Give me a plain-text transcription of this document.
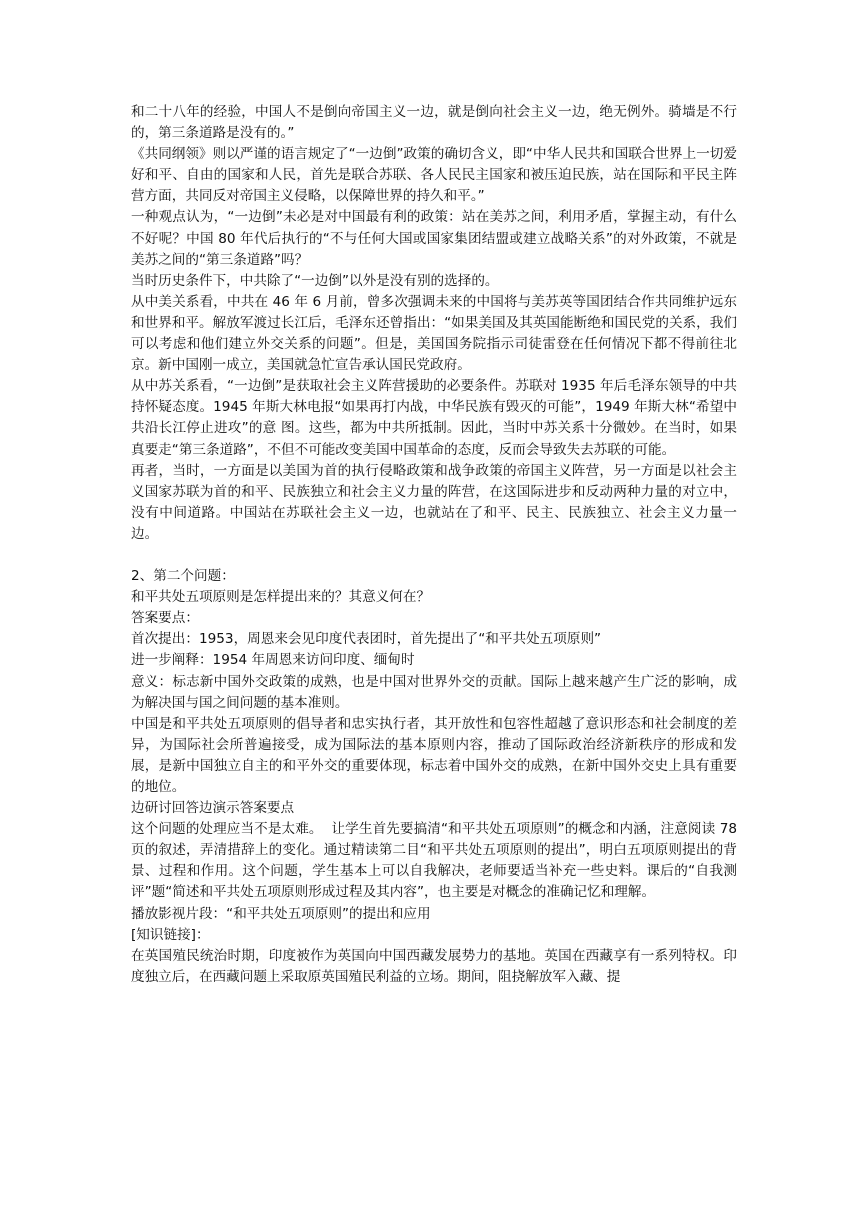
和二十八年的经验，中国人不是倒向帝国主义一边，就是倒向社会主义一边，绝无例外。骑墙是不行的，第三条道路是没有的。”

《共同纲领》则以严谨的语言规定了“一边倒”政策的确切含义，即“中华人民共和国联合世界上一切爱好和平、自由的国家和人民，首先是联合苏联、各人民民主国家和被压迫民族，站在国际和平民主阵营方面，共同反对帝国主义侵略，以保障世界的持久和平。”

一种观点认为，“一边倒”未必是对中国最有利的政策：站在美苏之间，利用矛盾，掌握主动，有什么不好呢？中国 80 年代后执行的“不与任何大国或国家集团结盟或建立战略关系”的对外政策，不就是美苏之间的“第三条道路”吗？

当时历史条件下，中共除了“一边倒”以外是没有别的选择的。

从中美关系看，中共在 46 年 6 月前，曾多次强调未来的中国将与美苏英等国团结合作共同维护远东和世界和平。解放军渡过长江后，毛泽东还曾指出：“如果美国及其英国能断绝和国民党的关系，我们可以考虑和他们建立外交关系的问题”。但是，美国国务院指示司徒雷登在任何情况下都不得前往北京。新中国刚一成立，美国就急忙宣告承认国民党政府。

从中苏关系看，“一边倒”是获取社会主义阵营援助的必要条件。苏联对 1935 年后毛泽东领导的中共持怀疑态度。1945 年斯大林电报“如果再打内战，中华民族有毁灭的可能”，1949 年斯大林“希望中共沿长江停止进攻”的意 图。这些，都为中共所抵制。因此，当时中苏关系十分微妙。在当时，如果真要走“第三条道路”，不但不可能改变美国中国革命的态度，反而会导致失去苏联的可能。

再者，当时，一方面是以美国为首的执行侵略政策和战争政策的帝国主义阵营，另一方面是以社会主义国家苏联为首的和平、民族独立和社会主义力量的阵营，在这国际进步和反动两种力量的对立中，没有中间道路。中国站在苏联社会主义一边，也就站在了和平、民主、民族独立、社会主义力量一边。

2、第二个问题：

和平共处五项原则是怎样提出来的？其意义何在？

答案要点：

首次提出：1953，周恩来会见印度代表团时，首先提出了“和平共处五项原则”

进一步阐释：1954 年周恩来访问印度、缅甸时

意义：标志新中国外交政策的成熟，也是中国对世界外交的贡献。国际上越来越产生广泛的影响，成为解决国与国之间问题的基本准则。

中国是和平共处五项原则的倡导者和忠实执行者，其开放性和包容性超越了意识形态和社会制度的差异，为国际社会所普遍接受，成为国际法的基本原则内容，推动了国际政治经济新秩序的形成和发展，是新中国独立自主的和平外交的重要体现，标志着中国外交的成熟，在新中国外交史上具有重要的地位。

边研讨回答边演示答案要点

这个问题的处理应当不是太难。  让学生首先要搞清“和平共处五项原则”的概念和内涵，注意阅读 78 页的叙述，弄清措辞上的变化。通过精读第二目“和平共处五项原则的提出”，明白五项原则提出的背景、过程和作用。这个问题，学生基本上可以自我解决，老师要适当补充一些史料。课后的“自我测评”题“简述和平共处五项原则形成过程及其内容”，也主要是对概念的准确记忆和理解。

播放影视片段：“和平共处五项原则”的提出和应用

[知识链接]：

在英国殖民统治时期，印度被作为英国向中国西藏发展势力的基地。英国在西藏享有一系列特权。印度独立后，在西藏问题上采取原英国殖民利益的立场。期间，阻挠解放军入藏、提
